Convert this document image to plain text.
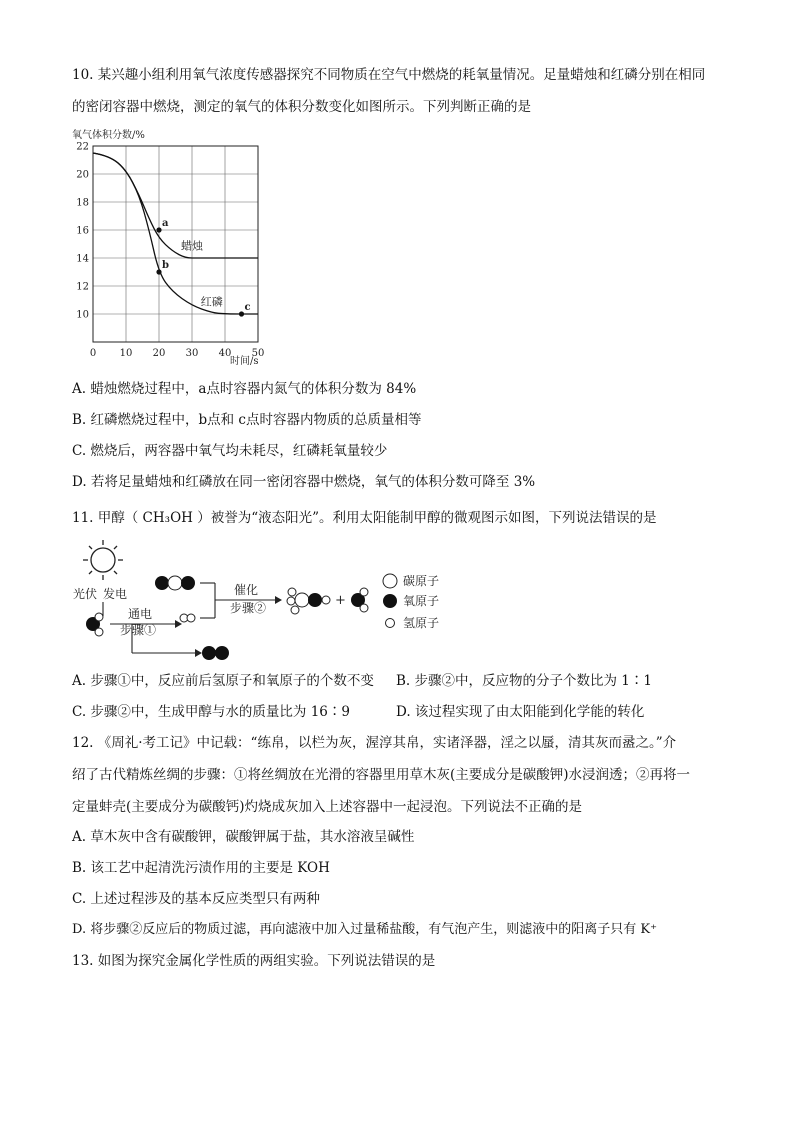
10. 某兴趣小组利用氧气浓度传感器探究不同物质在空气中燃烧的耗氧量情况。足量蜡烛和红磷分别在相同
的密闭容器中燃烧，测定的氧气的体积分数变化如图所示。下列判断正确的是
氧气体积分数/%
0 10 20 30 40 50
22
20
18
16
14
12
10
蜡烛
红磷
a
b
c
时间/s
A. 蜡烛燃烧过程中，a点时容器内氮气的体积分数为 84%
B. 红磷燃烧过程中，b点和 c点时容器内物质的总质量相等
C. 燃烧后，两容器中氧气均未耗尽，红磷耗氧量较少
D. 若将足量蜡烛和红磷放在同一密闭容器中燃烧，氧气的体积分数可降至 3%
11. 甲醇（ CH₃OH ）被誉为“液态阳光”。利用太阳能制甲醇的微观图示如图，下列说法错误的是
光伏 发电
通电
步骤①
催化
步骤②	+
碳原子
氧原子
氢原子
A. 步骤①中，反应前后氢原子和氧原子的个数不变 B. 步骤②中，反应物的分子个数比为 1∶1
C. 步骤②中，生成甲醇与水的质量比为 16∶9	D. 该过程实现了由太阳能到化学能的转化
12. 《周礼·考工记》中记载：“练帛，以栏为灰，渥淳其帛，实诸泽器，淫之以蜃，清其灰而盝之。”介
绍了古代精炼丝绸的步骤：①将丝绸放在光滑的容器里用草木灰(主要成分是碳酸钾)水浸润透；②再将一
定量蚌壳(主要成分为碳酸钙)灼烧成灰加入上述容器中一起浸泡。下列说法不正确的是
A. 草木灰中含有碳酸钾，碳酸钾属于盐，其水溶液呈碱性
B. 该工艺中起清洗污渍作用的主要是 KOH
C. 上述过程涉及的基本反应类型只有两种
D. 将步骤②反应后的物质过滤，再向滤液中加入过量稀盐酸，有气泡产生，则滤液中的阳离子只有 K⁺
13. 如图为探究金属化学性质的两组实验。下列说法错误的是
